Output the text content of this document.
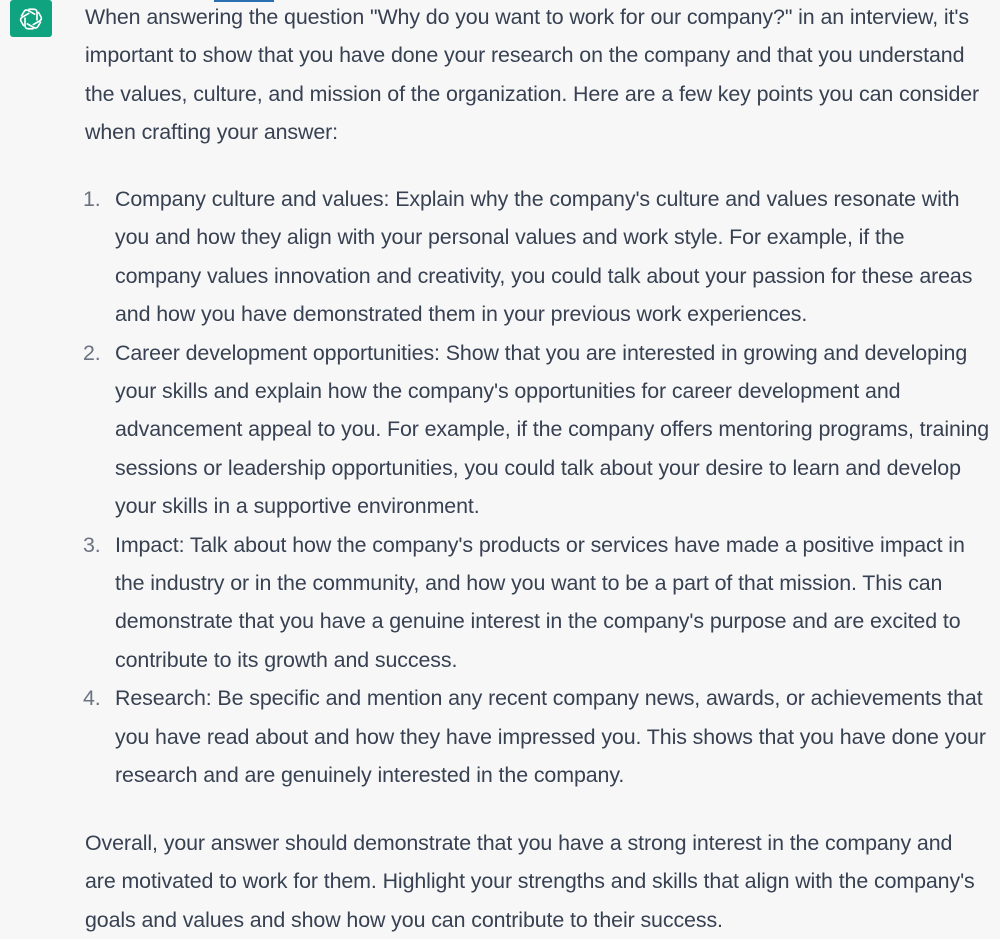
When answering the question "Why do you want to work for our company?" in an interview, it's important to show that you have done your research on the company and that you understand the values, culture, and mission of the organization. Here are a few key points you can consider when crafting your answer:

1. Company culture and values: Explain why the company's culture and values resonate with you and how they align with your personal values and work style. For example, if the company values innovation and creativity, you could talk about your passion for these areas and how you have demonstrated them in your previous work experiences.
2. Career development opportunities: Show that you are interested in growing and developing your skills and explain how the company's opportunities for career development and advancement appeal to you. For example, if the company offers mentoring programs, training sessions or leadership opportunities, you could talk about your desire to learn and develop your skills in a supportive environment.
3. Impact: Talk about how the company's products or services have made a positive impact in the industry or in the community, and how you want to be a part of that mission. This can demonstrate that you have a genuine interest in the company's purpose and are excited to contribute to its growth and success.
4. Research: Be specific and mention any recent company news, awards, or achievements that you have read about and how they have impressed you. This shows that you have done your research and are genuinely interested in the company.

Overall, your answer should demonstrate that you have a strong interest in the company and are motivated to work for them. Highlight your strengths and skills that align with the company's goals and values and show how you can contribute to their success.
